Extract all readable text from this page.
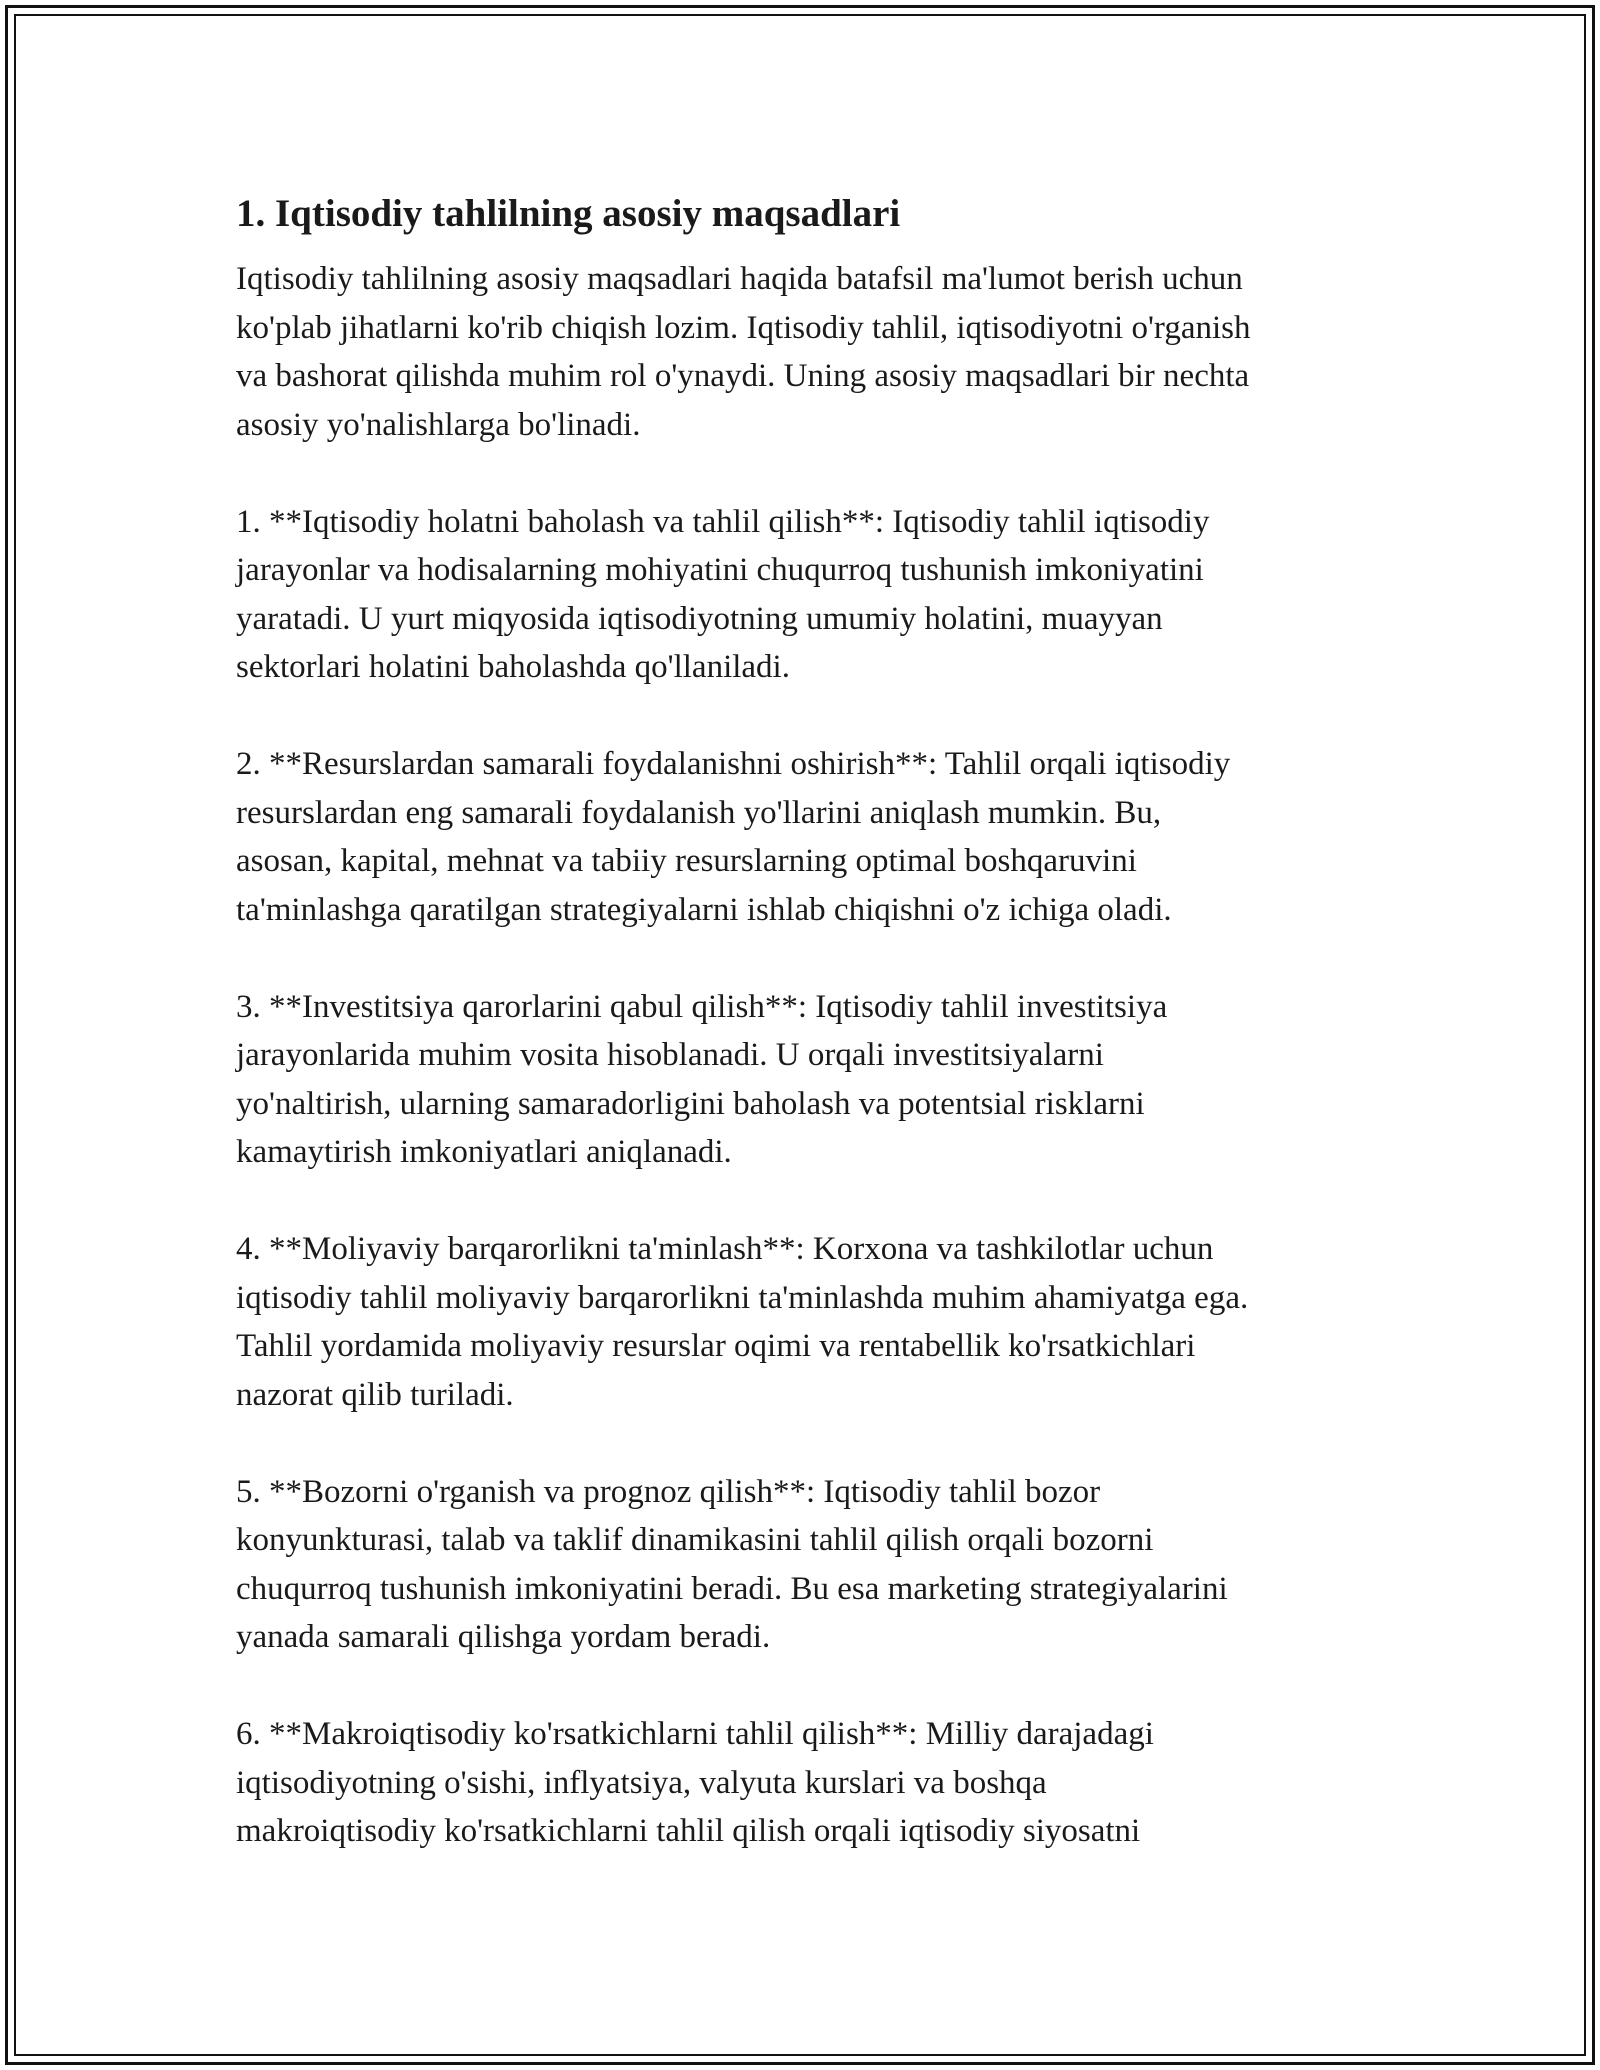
1. Iqtisodiy tahlilning asosiy maqsadlari

Iqtisodiy tahlilning asosiy maqsadlari haqida batafsil ma'lumot berish uchun
ko'plab jihatlarni ko'rib chiqish lozim. Iqtisodiy tahlil, iqtisodiyotni o'rganish
va bashorat qilishda muhim rol o'ynaydi. Uning asosiy maqsadlari bir nechta
asosiy yo'nalishlarga bo'linadi.

1. **Iqtisodiy holatni baholash va tahlil qilish**: Iqtisodiy tahlil iqtisodiy
jarayonlar va hodisalarning mohiyatini chuqurroq tushunish imkoniyatini
yaratadi. U yurt miqyosida iqtisodiyotning umumiy holatini, muayyan
sektorlari holatini baholashda qo'llaniladi.

2. **Resurslardan samarali foydalanishni oshirish**: Tahlil orqali iqtisodiy
resurslardan eng samarali foydalanish yo'llarini aniqlash mumkin. Bu,
asosan, kapital, mehnat va tabiiy resurslarning optimal boshqaruvini
ta'minlashga qaratilgan strategiyalarni ishlab chiqishni o'z ichiga oladi.

3. **Investitsiya qarorlarini qabul qilish**: Iqtisodiy tahlil investitsiya
jarayonlarida muhim vosita hisoblanadi. U orqali investitsiyalarni
yo'naltirish, ularning samaradorligini baholash va potentsial risklarni
kamaytirish imkoniyatlari aniqlanadi.

4. **Moliyaviy barqarorlikni ta'minlash**: Korxona va tashkilotlar uchun
iqtisodiy tahlil moliyaviy barqarorlikni ta'minlashda muhim ahamiyatga ega.
Tahlil yordamida moliyaviy resurslar oqimi va rentabellik ko'rsatkichlari
nazorat qilib turiladi.

5. **Bozorni o'rganish va prognoz qilish**: Iqtisodiy tahlil bozor
konyunkturasi, talab va taklif dinamikasini tahlil qilish orqali bozorni
chuqurroq tushunish imkoniyatini beradi. Bu esa marketing strategiyalarini
yanada samarali qilishga yordam beradi.

6. **Makroiqtisodiy ko'rsatkichlarni tahlil qilish**: Milliy darajadagi
iqtisodiyotning o'sishi, inflyatsiya, valyuta kurslari va boshqa
makroiqtisodiy ko'rsatkichlarni tahlil qilish orqali iqtisodiy siyosatni
